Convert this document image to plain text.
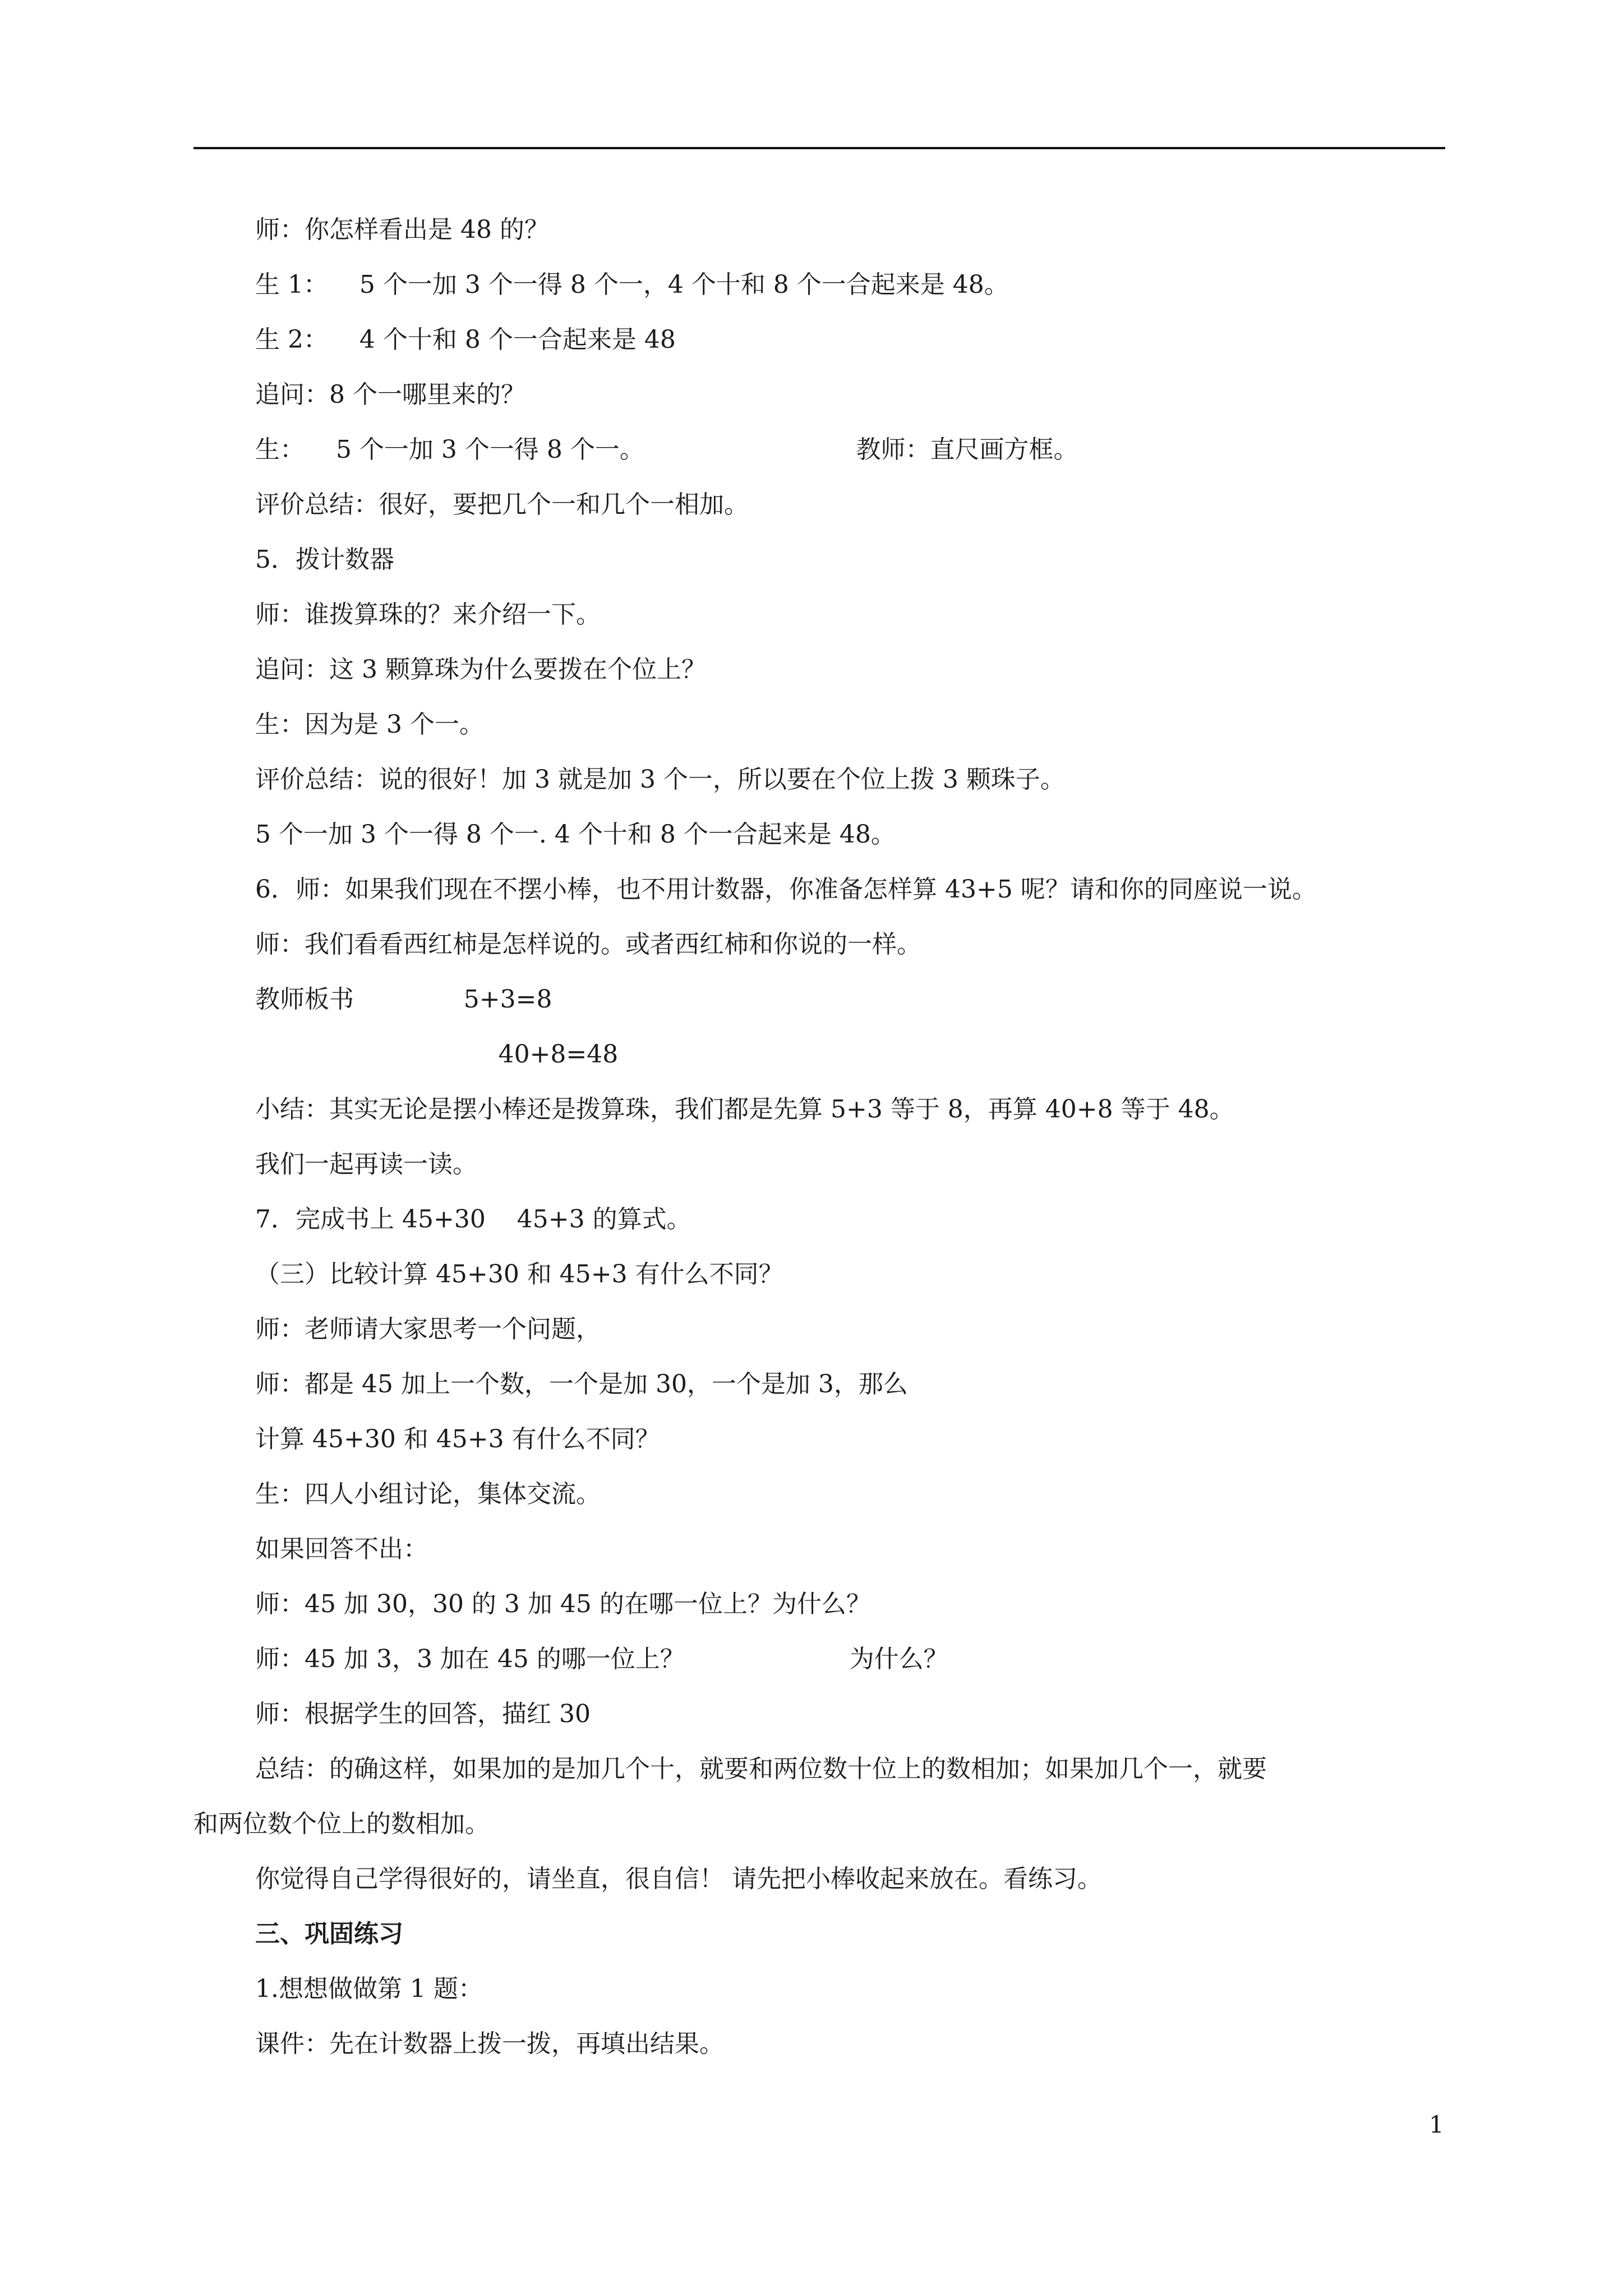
师：你怎样看出是 48 的？
生 1：    5 个一加 3 个一得 8 个一，4 个十和 8 个一合起来是 48。
生 2：    4 个十和 8 个一合起来是 48
追问：8 个一哪里来的？
生：    5 个一加 3 个一得 8 个一。                           教师：直尺画方框。
评价总结：很好，要把几个一和几个一相加。
5．拨计数器
师：谁拨算珠的？来介绍一下。
追问：这 3 颗算珠为什么要拨在个位上？
生：因为是 3 个一。
评价总结：说的很好！加 3 就是加 3 个一，所以要在个位上拨 3 颗珠子。
5 个一加 3 个一得 8 个一. 4 个十和 8 个一合起来是 48。
6．师：如果我们现在不摆小棒，也不用计数器，你准备怎样算 43+5 呢？请和你的同座说一说。
师：我们看看西红柿是怎样说的。或者西红柿和你说的一样。
教师板书              5+3=8
40+8=48
小结：其实无论是摆小棒还是拨算珠，我们都是先算 5+3 等于 8，再算 40+8 等于 48。
我们一起再读一读。
7．完成书上 45+30    45+3 的算式。
（三）比较计算 45+30 和 45+3 有什么不同？
师：老师请大家思考一个问题，
师：都是 45 加上一个数，一个是加 30，一个是加 3，那么
计算 45+30 和 45+3 有什么不同？
生：四人小组讨论，集体交流。
如果回答不出：
师：45 加 30，30 的 3 加 45 的在哪一位上？为什么？
师：45 加 3，3 加在 45 的哪一位上？                     为什么？
师：根据学生的回答，描红 30
总结：的确这样，如果加的是加几个十，就要和两位数十位上的数相加；如果加几个一，就要
和两位数个位上的数相加。
你觉得自己学得很好的，请坐直，很自信！ 请先把小棒收起来放在。看练习。
三、巩固练习
1.想想做做第 1 题：
课件：先在计数器上拨一拨，再填出结果。
1
